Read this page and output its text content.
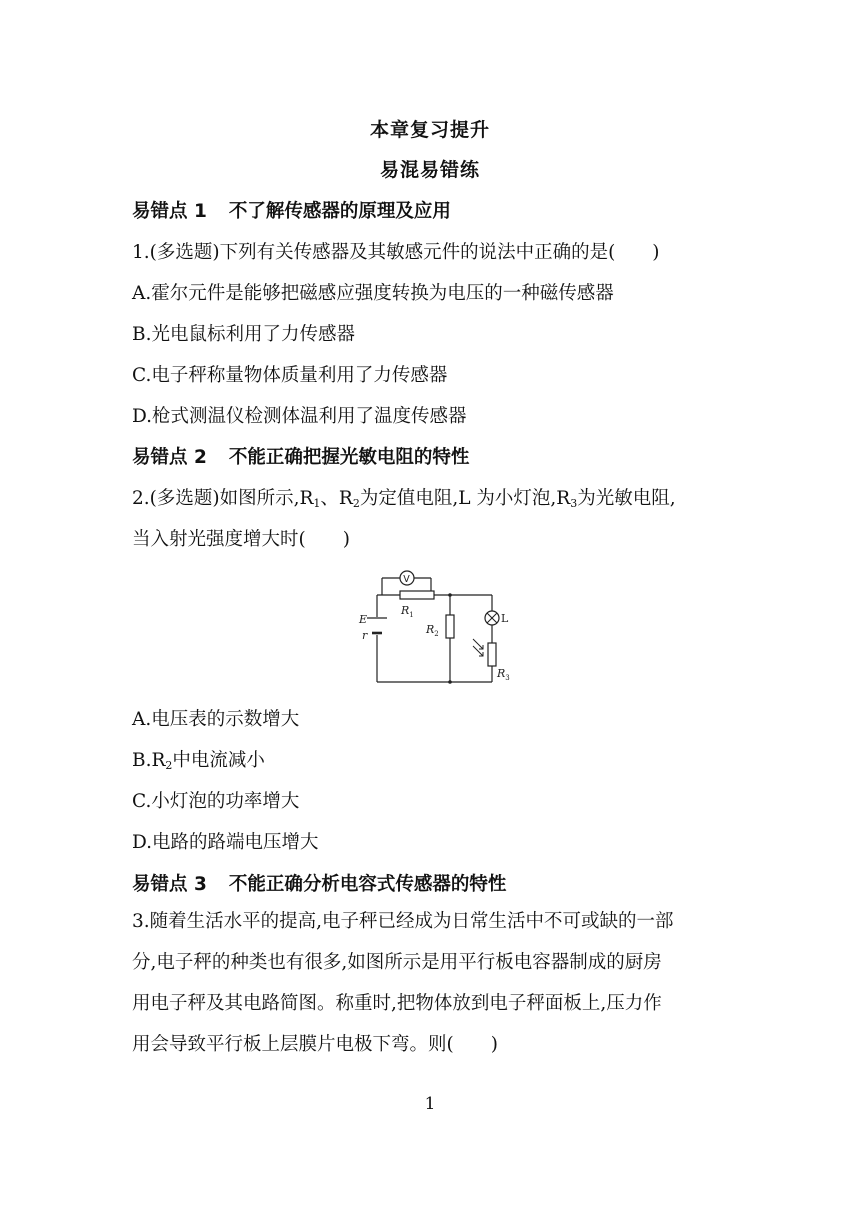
本章复习提升
易混易错练
易错点 1 不了解传感器的原理及应用
1.(多选题)下列有关传感器及其敏感元件的说法中正确的是(　　)
A.霍尔元件是能够把磁感应强度转换为电压的一种磁传感器
B.光电鼠标利用了力传感器
C.电子秤称量物体质量利用了力传感器
D.枪式测温仪检测体温利用了温度传感器
易错点 2 不能正确把握光敏电阻的特性
2.(多选题)如图所示$,R_1$、$R_2$为定值电阻,L 为小灯泡$,R_3$为光敏电阻,
当入射光强度增大时(　　)
E
r
V
$R_1$
$R_2$
L
$R_3$
A.电压表的示数增大
$B.R_2$中电流减小
C.小灯泡的功率增大
D.电路的路端电压增大
易错点 3 不能正确分析电容式传感器的特性
3.随着生活水平的提高,电子秤已经成为日常生活中不可或缺的一部
分,电子秤的种类也有很多,如图所示是用平行板电容器制成的厨房
用电子秤及其电路简图。称重时,把物体放到电子秤面板上,压力作
用会导致平行板上层膜片电极下弯。则(　　)
1
